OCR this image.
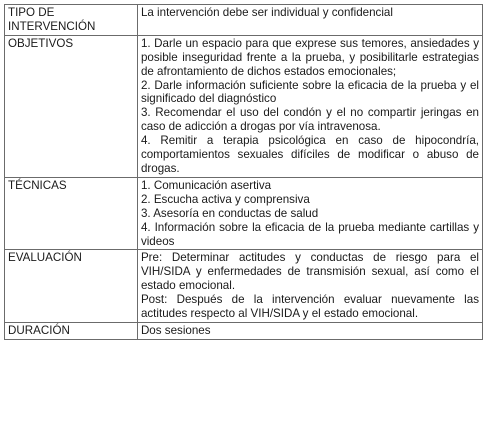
TIPO DE INTERVENCIÓN	La intervención debe ser individual y confidencial

OBJETIVOS	1. Darle un espacio para que exprese sus temores, ansiedades y posible inseguridad frente a la prueba, y posibilitarle estrategias de afrontamiento de dichos estados emocionales;

2. Darle información suficiente sobre la eficacia de la prueba y el significado del diagnóstico

3. Recomendar el uso del condón y el no compartir jeringas en caso de adicción a drogas por vía intravenosa.

4. Remitir a terapia psicológica en caso de hipocondría, comportamientos sexuales difíciles de modificar o abuso de drogas.

TÉCNICAS	1. Comunicación asertiva

2. Escucha activa y comprensiva

3. Asesoría en conductas de salud

4. Información sobre la eficacia de la prueba mediante cartillas y videos

EVALUACIÓN	Pre: Determinar actitudes y conductas de riesgo para el VIH/SIDA y enfermedades de transmisión sexual, así como el estado emocional.

Post: Después de la intervención evaluar nuevamente las actitudes respecto al VIH/SIDA y el estado emocional.

DURACIÓN	Dos sesiones
